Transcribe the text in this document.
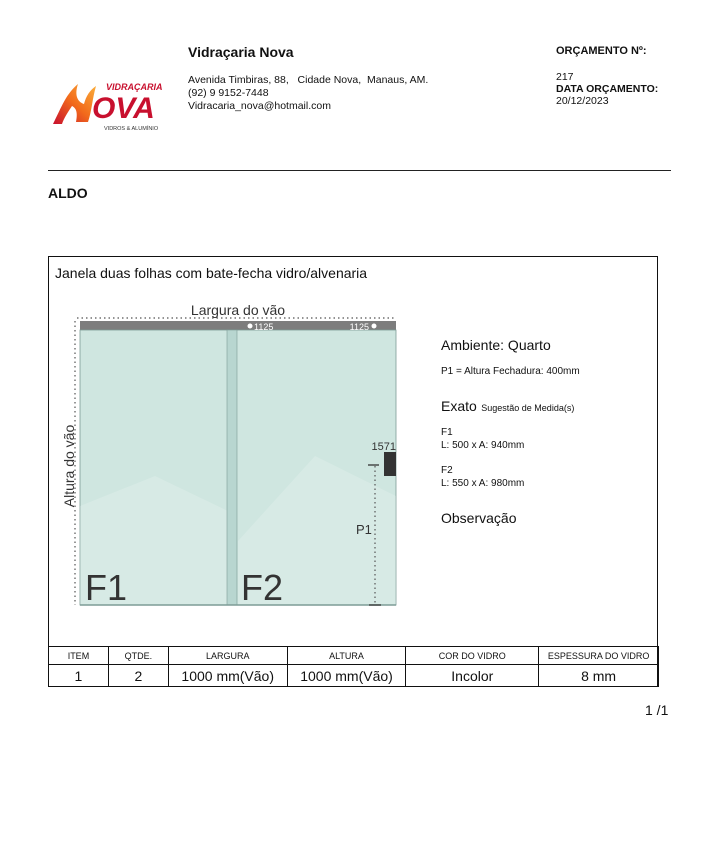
VIDRAÇARIA
OVA
VIDROS & ALUMÍNIO
Vidraçaria Nova
Avenida Timbiras, 88,   Cidade Nova,  Manaus, AM.
(92) 9 9152-7448
Vidracaria_nova@hotmail.com
ORÇAMENTO Nº:
217
DATA ORÇAMENTO:
20/12/2023
ALDO
Janela duas folhas com bate-fecha vidro/alvenaria
Largura do vão
1125	1125
Altura do vão	1571
P1
F1	F2
Ambiente: Quarto
P1 = Altura Fechadura: 400mm
Exato Sugestão de Medida(s)
F1
L: 500 x A: 940mm
F2
L: 550 x A: 980mm
Observação
ITEM	QTDE.	LARGURA	ALTURA	COR DO VIDRO	ESPESSURA DO VIDRO
1	2	1000 mm(Vão)	1000 mm(Vão)	Incolor	8 mm
1 /1
